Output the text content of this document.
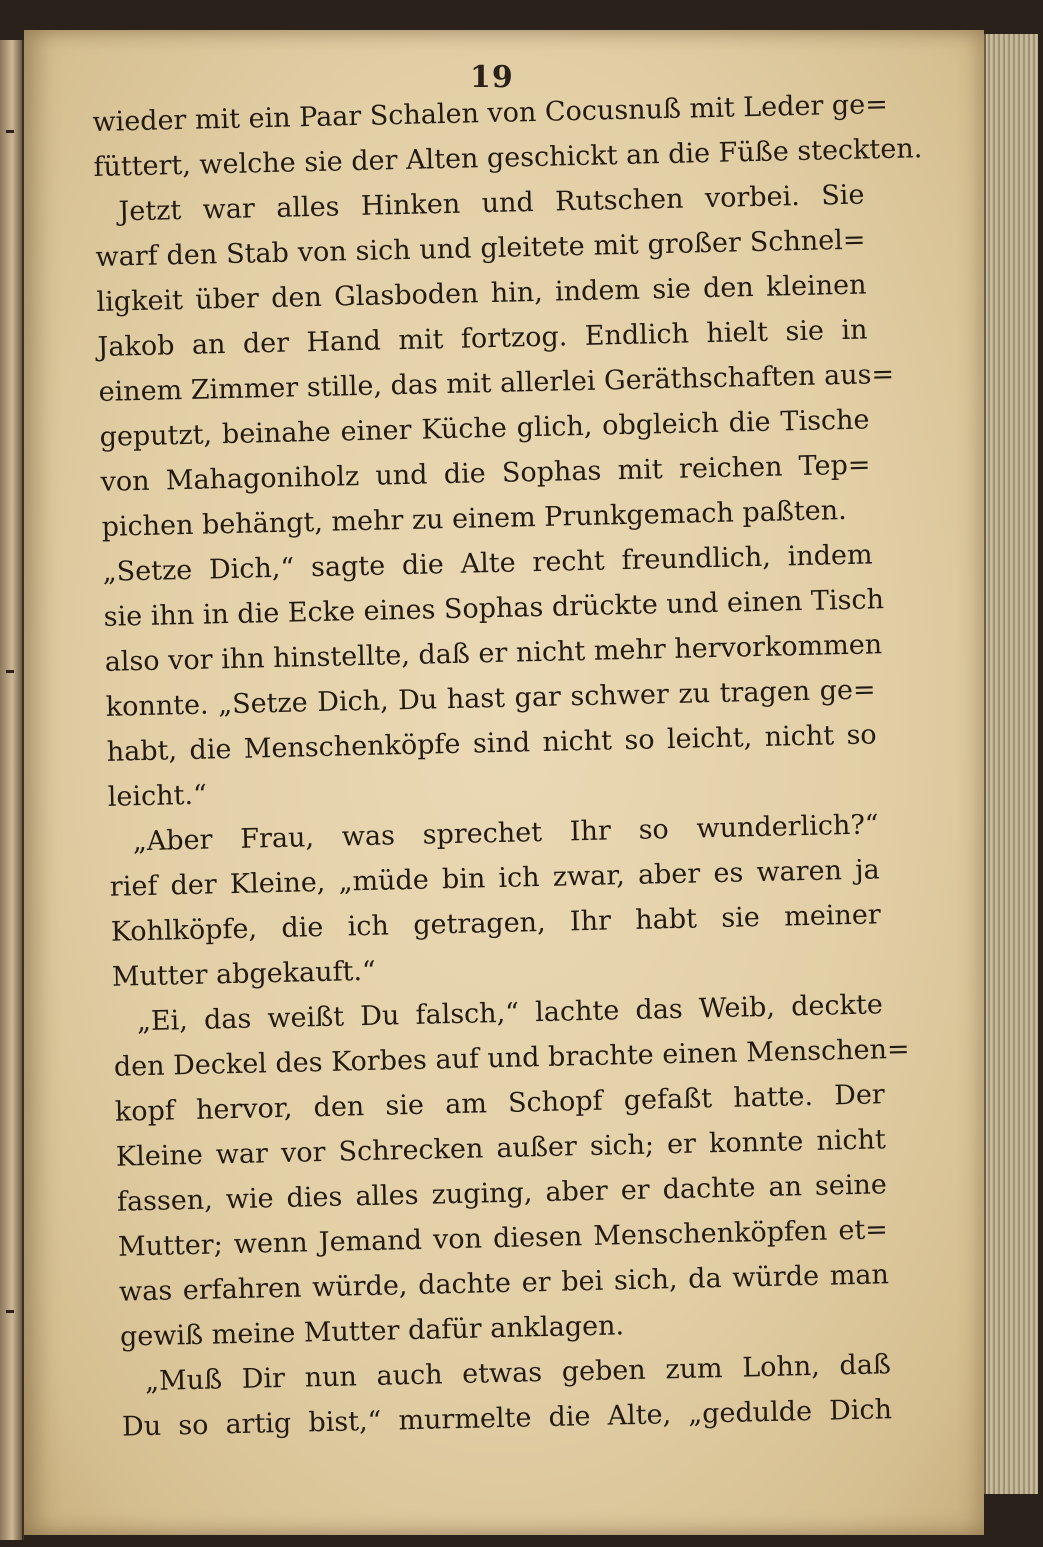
19
wieder mit ein Paar Schalen von Cocusnuß mit Leder ge=
füttert, welche sie der Alten geschickt an die Füße steckten.
Jetzt war alles Hinken und Rutschen vorbei. Sie
warf den Stab von sich und gleitete mit großer Schnel=
ligkeit über den Glasboden hin, indem sie den kleinen
Jakob an der Hand mit fortzog. Endlich hielt sie in
einem Zimmer stille, das mit allerlei Geräthschaften aus=
geputzt, beinahe einer Küche glich, obgleich die Tische
von Mahagoniholz und die Sophas mit reichen Tep=
pichen behängt, mehr zu einem Prunkgemach paßten.
„Setze Dich,“ sagte die Alte recht freundlich, indem
sie ihn in die Ecke eines Sophas drückte und einen Tisch
also vor ihn hinstellte, daß er nicht mehr hervorkommen
konnte. „Setze Dich, Du hast gar schwer zu tragen ge=
habt, die Menschenköpfe sind nicht so leicht, nicht so
leicht.“
„Aber Frau, was sprechet Ihr so wunderlich?“
rief der Kleine, „müde bin ich zwar, aber es waren ja
Kohlköpfe, die ich getragen, Ihr habt sie meiner
Mutter abgekauft.“
„Ei, das weißt Du falsch,“ lachte das Weib, deckte
den Deckel des Korbes auf und brachte einen Menschen=
kopf hervor, den sie am Schopf gefaßt hatte. Der
Kleine war vor Schrecken außer sich; er konnte nicht
fassen, wie dies alles zuging, aber er dachte an seine
Mutter; wenn Jemand von diesen Menschenköpfen et=
was erfahren würde, dachte er bei sich, da würde man
gewiß meine Mutter dafür anklagen.
„Muß Dir nun auch etwas geben zum Lohn, daß
Du so artig bist,“ murmelte die Alte, „gedulde Dich
